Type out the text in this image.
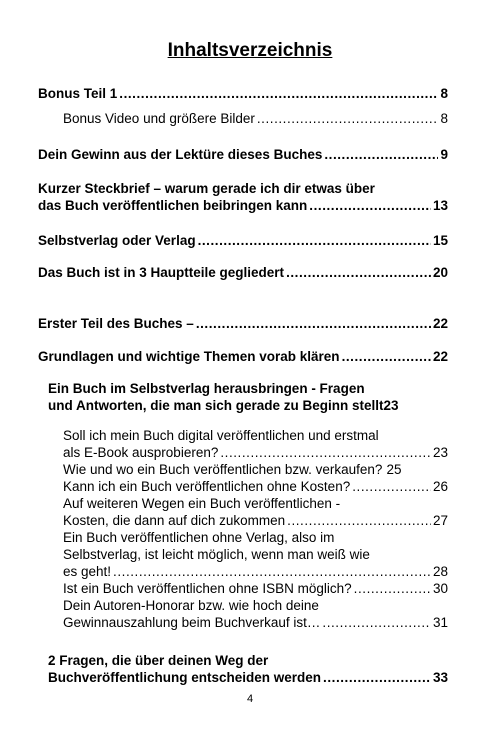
Inhaltsverzeichnis
Bonus Teil 1 . . .	8
Bonus Video und größere Bilder . . .	8
Dein Gewinn aus der Lektüre dieses Buches . . .	9
Kurzer Steckbrief – warum gerade ich dir etwas über
das Buch veröffentlichen beibringen kann . . .	13
Selbstverlag oder Verlag . . .	15
Das Buch ist in 3 Hauptteile gegliedert . . .	20
Erster Teil des Buches – . . .	22
Grundlagen und wichtige Themen vorab klären . . .	22
Ein Buch im Selbstverlag herausbringen - Fragen
und Antworten, die man sich gerade zu Beginn stellt 23
Soll ich mein Buch digital veröffentlichen und erstmal
als E-Book ausprobieren? . . .	23
Wie und wo ein Buch veröffentlichen bzw. verkaufen? 25
Kann ich ein Buch veröffentlichen ohne Kosten? . . .	26
Auf weiteren Wegen ein Buch veröffentlichen -
Kosten, die dann auf dich zukommen . . .	27
Ein Buch veröffentlichen ohne Verlag, also im
Selbstverlag, ist leicht möglich, wenn man weiß wie
es geht! . . .	28
Ist ein Buch veröffentlichen ohne ISBN möglich? . . .	30
Dein Autoren-Honorar bzw. wie hoch deine
Gewinnauszahlung beim Buchverkauf ist… . . .	31
2 Fragen, die über deinen Weg der
Buchveröffentlichung entscheiden werden . . .	33
4
